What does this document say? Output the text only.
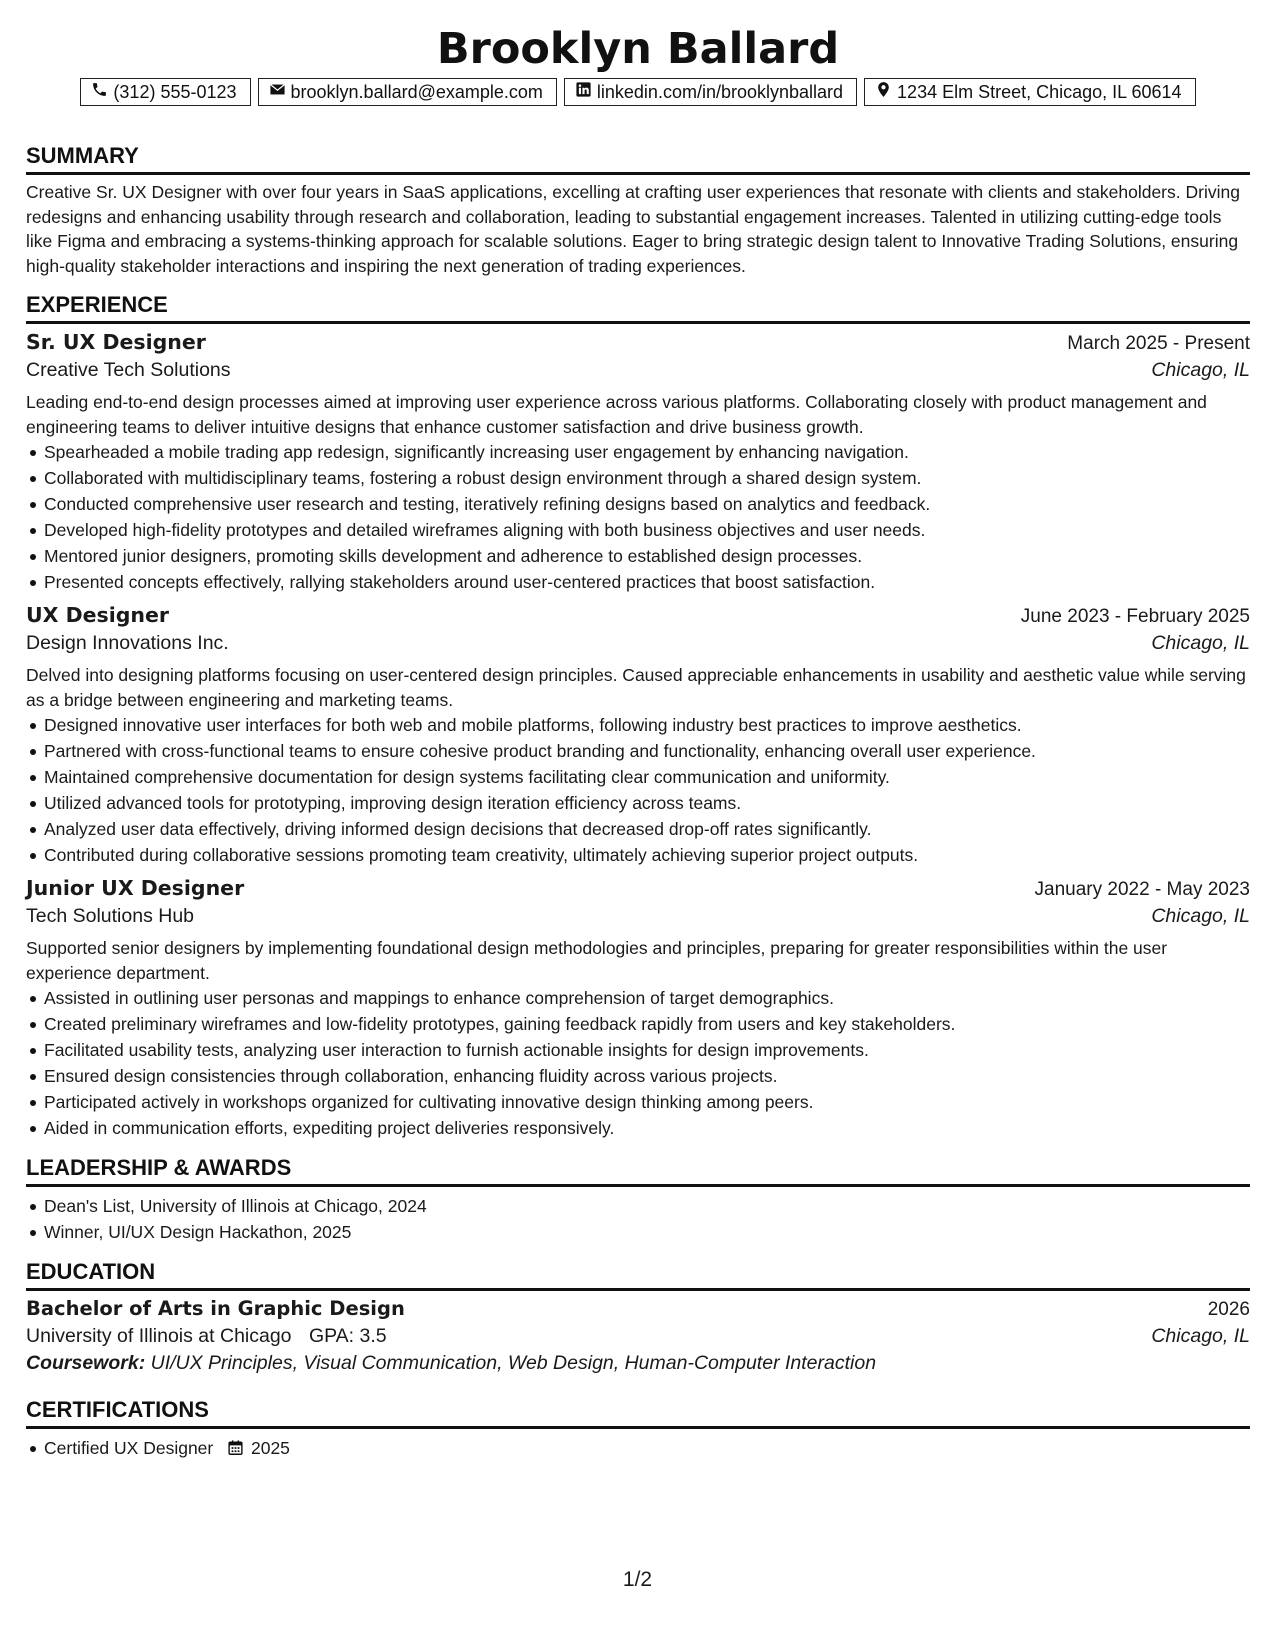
Brooklyn Ballard
(312) 555-0123	brooklyn.ballard@example.com	linkedin.com/in/brooklynballard	1234 Elm Street, Chicago, IL 60614
SUMMARY
Creative Sr. UX Designer with over four years in SaaS applications, excelling at crafting user experiences that resonate with clients and stakeholders. Driving redesigns and enhancing usability through research and collaboration, leading to substantial engagement increases. Talented in utilizing cutting-edge tools like Figma and embracing a systems-thinking approach for scalable solutions. Eager to bring strategic design talent to Innovative Trading Solutions, ensuring high-quality stakeholder interactions and inspiring the next generation of trading experiences.
EXPERIENCE
Sr. UX Designer	March 2025 - Present
Creative Tech Solutions	Chicago, IL
Leading end-to-end design processes aimed at improving user experience across various platforms. Collaborating closely with product management and engineering teams to deliver intuitive designs that enhance customer satisfaction and drive business growth.
Spearheaded a mobile trading app redesign, significantly increasing user engagement by enhancing navigation.
Collaborated with multidisciplinary teams, fostering a robust design environment through a shared design system.
Conducted comprehensive user research and testing, iteratively refining designs based on analytics and feedback.
Developed high-fidelity prototypes and detailed wireframes aligning with both business objectives and user needs.
Mentored junior designers, promoting skills development and adherence to established design processes.
Presented concepts effectively, rallying stakeholders around user-centered practices that boost satisfaction.
UX Designer	June 2023 - February 2025
Design Innovations Inc.	Chicago, IL
Delved into designing platforms focusing on user-centered design principles. Caused appreciable enhancements in usability and aesthetic value while serving as a bridge between engineering and marketing teams.
Designed innovative user interfaces for both web and mobile platforms, following industry best practices to improve aesthetics.
Partnered with cross-functional teams to ensure cohesive product branding and functionality, enhancing overall user experience.
Maintained comprehensive documentation for design systems facilitating clear communication and uniformity.
Utilized advanced tools for prototyping, improving design iteration efficiency across teams.
Analyzed user data effectively, driving informed design decisions that decreased drop-off rates significantly.
Contributed during collaborative sessions promoting team creativity, ultimately achieving superior project outputs.
Junior UX Designer	January 2022 - May 2023
Tech Solutions Hub	Chicago, IL
Supported senior designers by implementing foundational design methodologies and principles, preparing for greater responsibilities within the user experience department.
Assisted in outlining user personas and mappings to enhance comprehension of target demographics.
Created preliminary wireframes and low-fidelity prototypes, gaining feedback rapidly from users and key stakeholders.
Facilitated usability tests, analyzing user interaction to furnish actionable insights for design improvements.
Ensured design consistencies through collaboration, enhancing fluidity across various projects.
Participated actively in workshops organized for cultivating innovative design thinking among peers.
Aided in communication efforts, expediting project deliveries responsively.
LEADERSHIP & AWARDS
Dean's List, University of Illinois at Chicago, 2024
Winner, UI/UX Design Hackathon, 2025
EDUCATION
Bachelor of Arts in Graphic Design	2026
University of Illinois at Chicago GPA: 3.5	Chicago, IL
Coursework: UI/UX Principles, Visual Communication, Web Design, Human-Computer Interaction
CERTIFICATIONS
Certified UX Designer 2025
1/2
